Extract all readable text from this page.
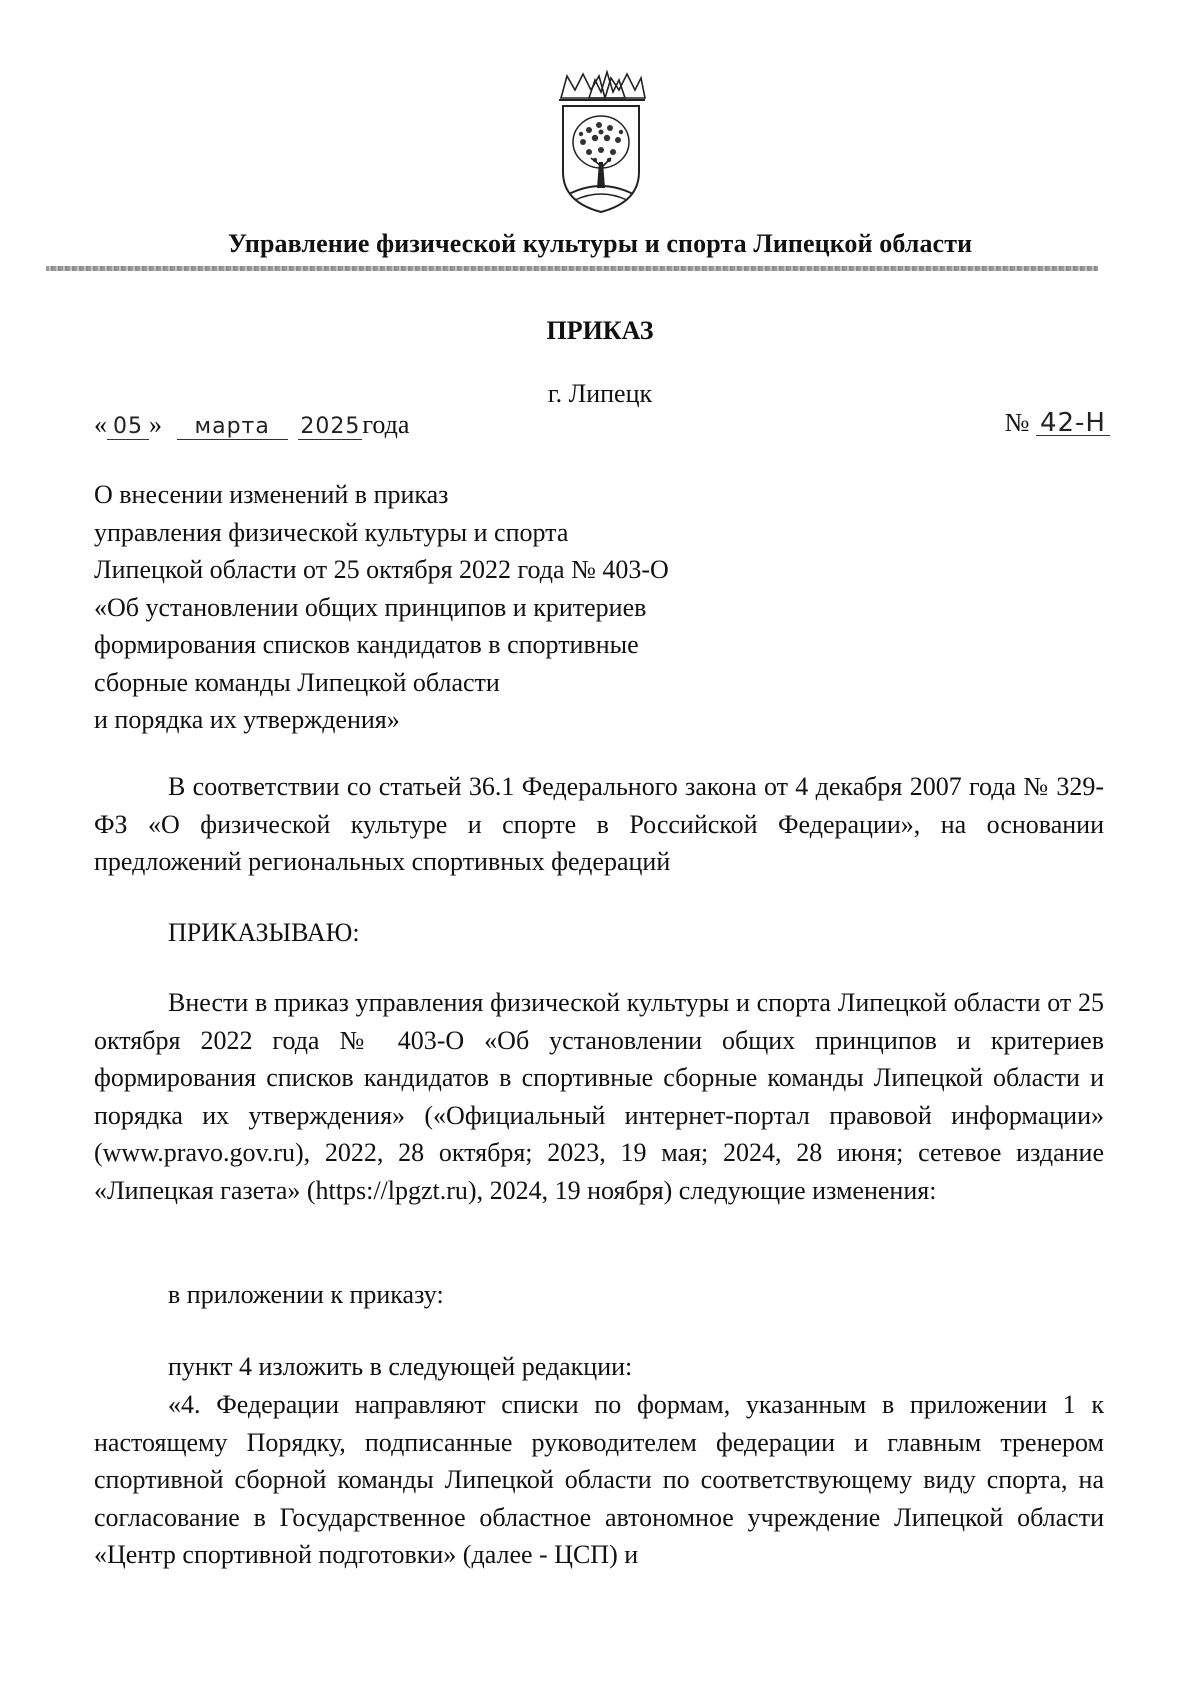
Управление физической культуры и спорта Липецкой области
ПРИКАЗ
г. Липецк
« 05 » марта 2025года	№ 42-Н
О внесении изменений в приказ
управления физической культуры и спорта
Липецкой области от 25 октября 2022 года № 403-О
«Об установлении общих принципов и критериев
формирования списков кандидатов в спортивные
сборные команды Липецкой области
и порядка их утверждения»
В соответствии со статьей 36.1 Федерального закона от 4 декабря 2007 года № 329-ФЗ «О физической культуре и спорте в Российской Федерации», на основании предложений региональных спортивных федераций
ПРИКАЗЫВАЮ:
Внести в приказ управления физической культуры и спорта Липецкой области от 25 октября 2022 года № 403-О «Об установлении общих принципов и критериев формирования списков кандидатов в спортивные сборные команды Липецкой области и порядка их утверждения» («Официальный интернет-портал правовой информации» (www.pravo.gov.ru), 2022, 28 октября; 2023, 19 мая; 2024, 28 июня; сетевое издание «Липецкая газета» (https://lpgzt.ru), 2024, 19 ноября) следующие изменения:
в приложении к приказу:
пункт 4 изложить в следующей редакции:
«4. Федерации направляют списки по формам, указанным в приложении 1 к настоящему Порядку, подписанные руководителем федерации и главным тренером спортивной сборной команды Липецкой области по соответствующему виду спорта, на согласование в Государственное областное автономное учреждение Липецкой области «Центр спортивной подготовки» (далее - ЦСП) и
